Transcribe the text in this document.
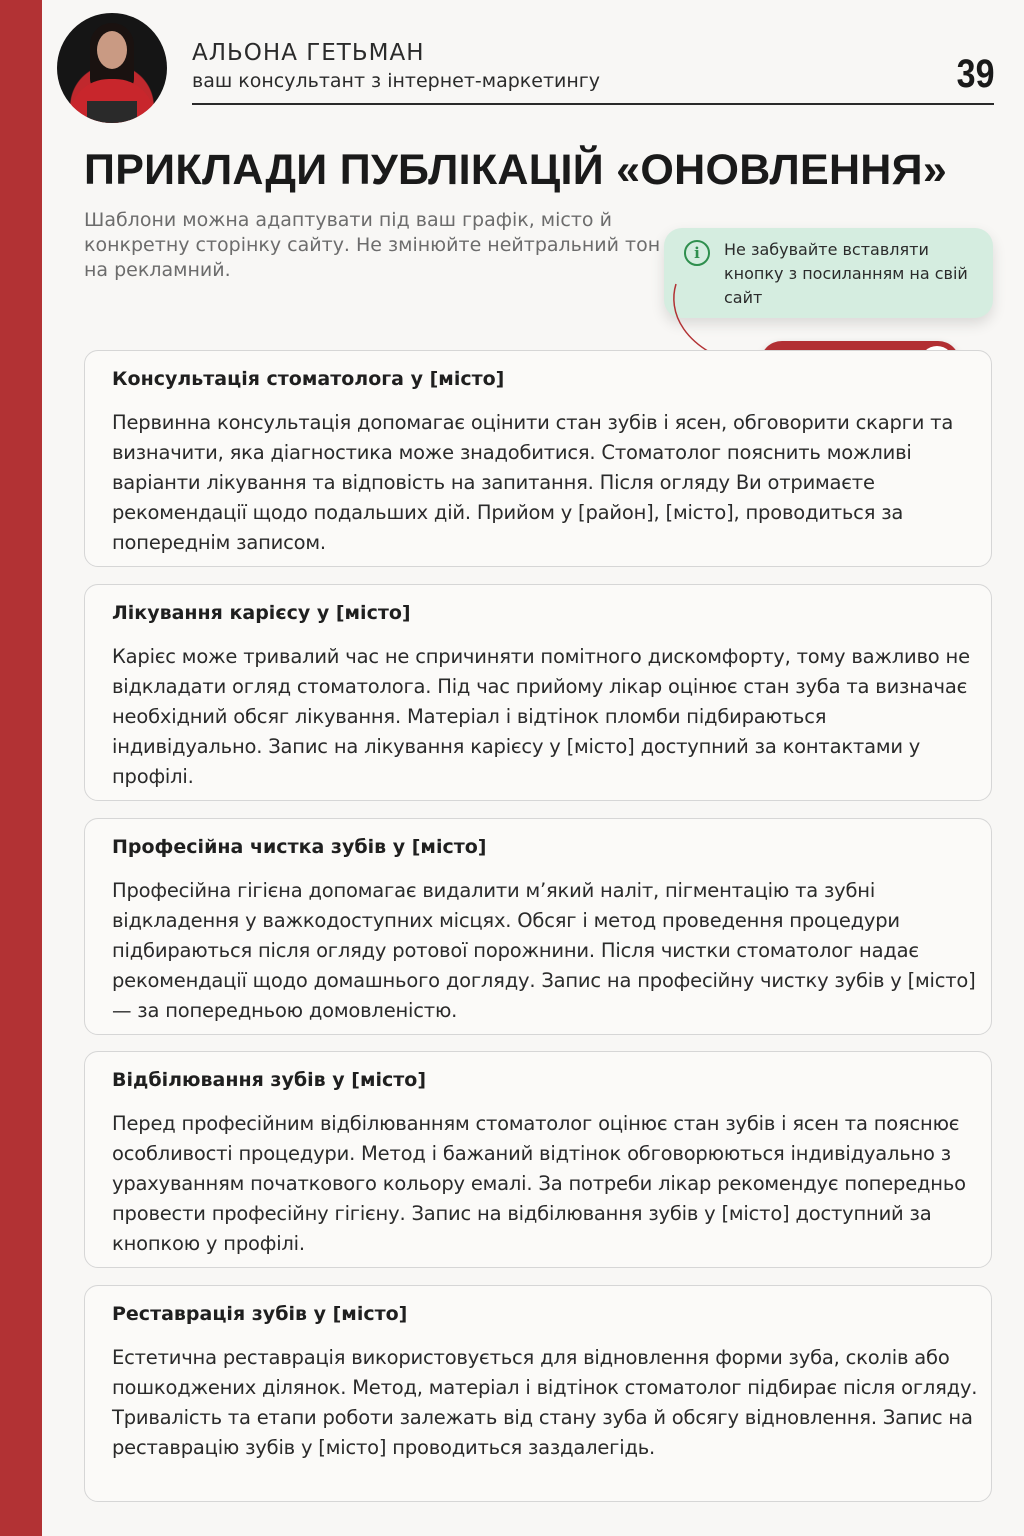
АЛЬОНА ГЕТЬМАН
ваш консультант з інтернет-маркетингу	39
ПРИКЛАДИ ПУБЛІКАЦІЙ «ОНОВЛЕННЯ»
Шаблони можна адаптувати під ваш графік, місто й конкретну сторінку сайту. Не змінюйте нейтральний тон на рекламний.
i	Не забувайте вставляти кнопку з посиланням на свій сайт
Консультація стоматолога у [місто]
Первинна консультація допомагає оцінити стан зубів і ясен, обговорити скарги та визначити, яка діагностика може знадобитися. Стоматолог пояснить можливі варіанти лікування та відповість на запитання. Після огляду Ви отримаєте рекомендації щодо подальших дій. Прийом у [район], [місто], проводиться за попереднім записом.
Лікування карієсу у [місто]
Карієс може тривалий час не спричиняти помітного дискомфорту, тому важливо не відкладати огляд стоматолога. Під час прийому лікар оцінює стан зуба та визначає необхідний обсяг лікування. Матеріал і відтінок пломби підбираються індивідуально. Запис на лікування карієсу у [місто] доступний за контактами у профілі.
Професійна чистка зубів у [місто]
Професійна гігієна допомагає видалити м’який наліт, пігментацію та зубні відкладення у важкодоступних місцях. Обсяг і метод проведення процедури підбираються після огляду ротової порожнини. Після чистки стоматолог надає рекомендації щодо домашнього догляду. Запис на професійну чистку зубів у [місто] — за попередньою домовленістю.
Відбілювання зубів у [місто]
Перед професійним відбілюванням стоматолог оцінює стан зубів і ясен та пояснює особливості процедури. Метод і бажаний відтінок обговорюються індивідуально з урахуванням початкового кольору емалі. За потреби лікар рекомендує попередньо провести професійну гігієну. Запис на відбілювання зубів у [місто] доступний за кнопкою у профілі.
Реставрація зубів у [місто]
Естетична реставрація використовується для відновлення форми зуба, сколів або пошкоджених ділянок. Метод, матеріал і відтінок стоматолог підбирає після огляду. Тривалість та етапи роботи залежать від стану зуба й обсягу відновлення. Запис на реставрацію зубів у [місто] проводиться заздалегідь.
